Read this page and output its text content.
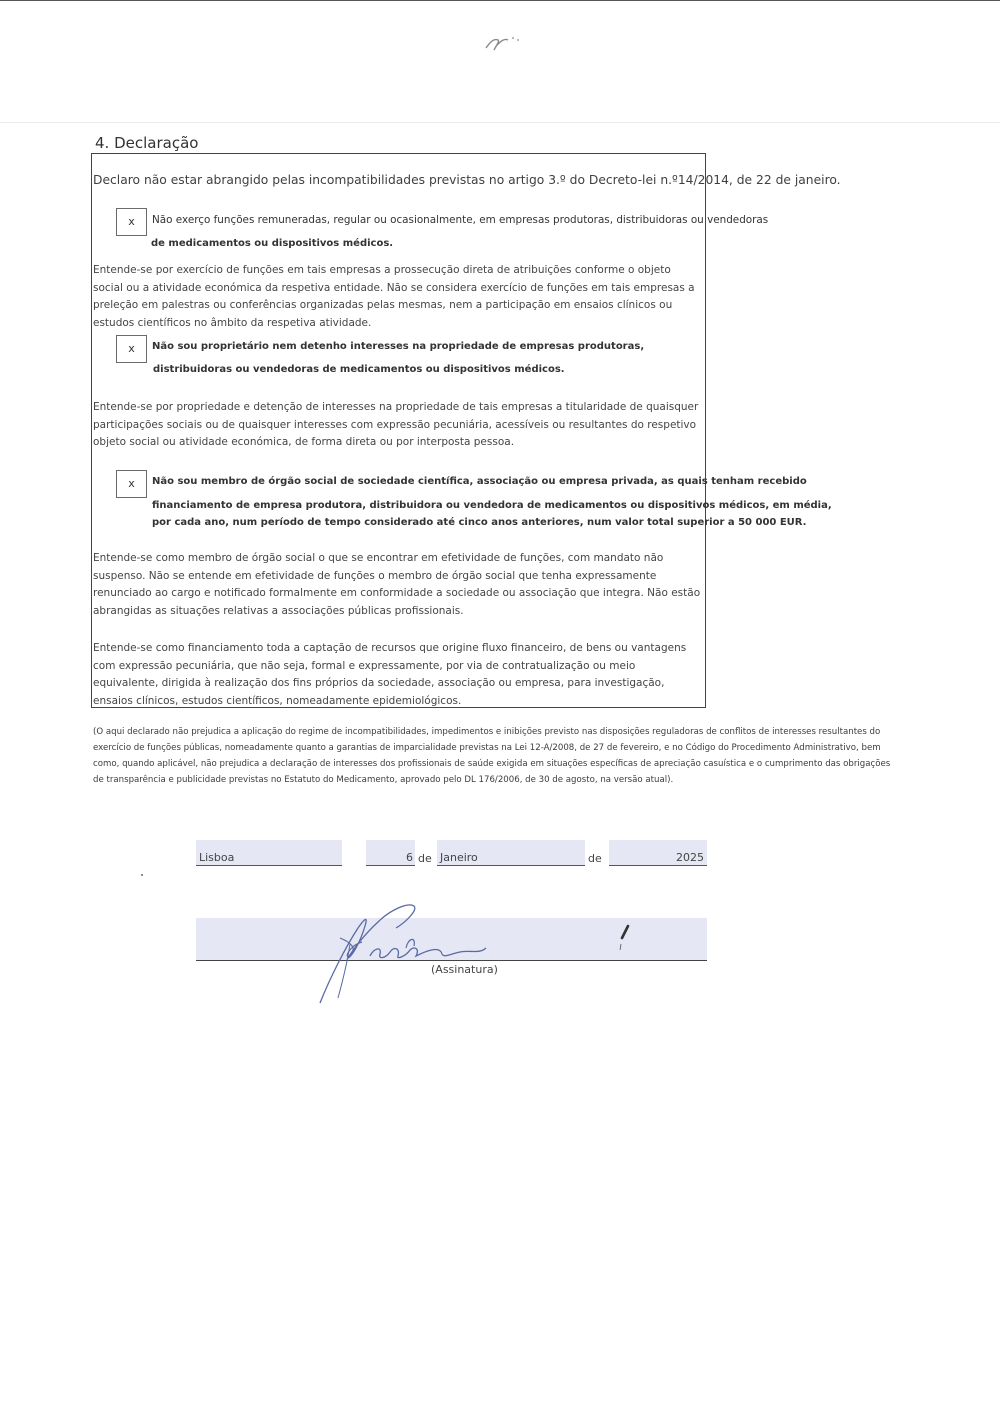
4. Declaração
Declaro não estar abrangido pelas incompatibilidades previstas no artigo 3.º do Decreto-lei n.º14/2014, de 22 de janeiro.
x	Não exerço funções remuneradas, regular ou ocasionalmente, em empresas produtoras, distribuidoras ou vendedoras
de medicamentos ou dispositivos médicos.
Entende-se por exercício de funções em tais empresas a prossecução direta de atribuições conforme o objeto social ou a atividade económica da respetiva entidade. Não se considera exercício de funções em tais empresas a preleção em palestras ou conferências organizadas pelas mesmas, nem a participação em ensaios clínicos ou estudos científicos no âmbito da respetiva atividade.
x	Não sou proprietário nem detenho interesses na propriedade de empresas produtoras,
distribuidoras ou vendedoras de medicamentos ou dispositivos médicos.
Entende-se por propriedade e detenção de interesses na propriedade de tais empresas a titularidade de quaisquer participações sociais ou de quaisquer interesses com expressão pecuniária, acessíveis ou resultantes do respetivo objeto social ou atividade económica, de forma direta ou por interposta pessoa.
x	Não sou membro de órgão social de sociedade científica, associação ou empresa privada, as quais tenham recebido
financiamento de empresa produtora, distribuidora ou vendedora de medicamentos ou dispositivos médicos, em média,
por cada ano, num período de tempo considerado até cinco anos anteriores, num valor total superior a 50 000 EUR.
Entende-se como membro de órgão social o que se encontrar em efetividade de funções, com mandato não suspenso. Não se entende em efetividade de funções o membro de órgão social que tenha expressamente renunciado ao cargo e notificado formalmente em conformidade a sociedade ou associação que integra. Não estão abrangidas as situações relativas a associações públicas profissionais.
Entende-se como financiamento toda a captação de recursos que origine fluxo financeiro, de bens ou vantagens com expressão pecuniária, que não seja, formal e expressamente, por via de contratualização ou meio equivalente, dirigida à realização dos fins próprios da sociedade, associação ou empresa, para investigação, ensaios clínicos, estudos científicos, nomeadamente epidemiológicos.
(O aqui declarado não prejudica a aplicação do regime de incompatibilidades, impedimentos e inibições previsto nas disposições reguladoras de conflitos de interesses resultantes do exercício de funções públicas, nomeadamente quanto a garantias de imparcialidade previstas na Lei 12-A/2008, de 27 de fevereiro, e no Código do Procedimento Administrativo, bem como, quando aplicável, não prejudica a declaração de interesses dos profissionais de saúde exigida em situações específicas de apreciação casuística e o cumprimento das obrigações de transparência e publicidade previstas no Estatuto do Medicamento, aprovado pelo DL 176/2006, de 30 de agosto, na versão atual).
Lisboa	6 de Janeiro	de	2025
(Assinatura)
